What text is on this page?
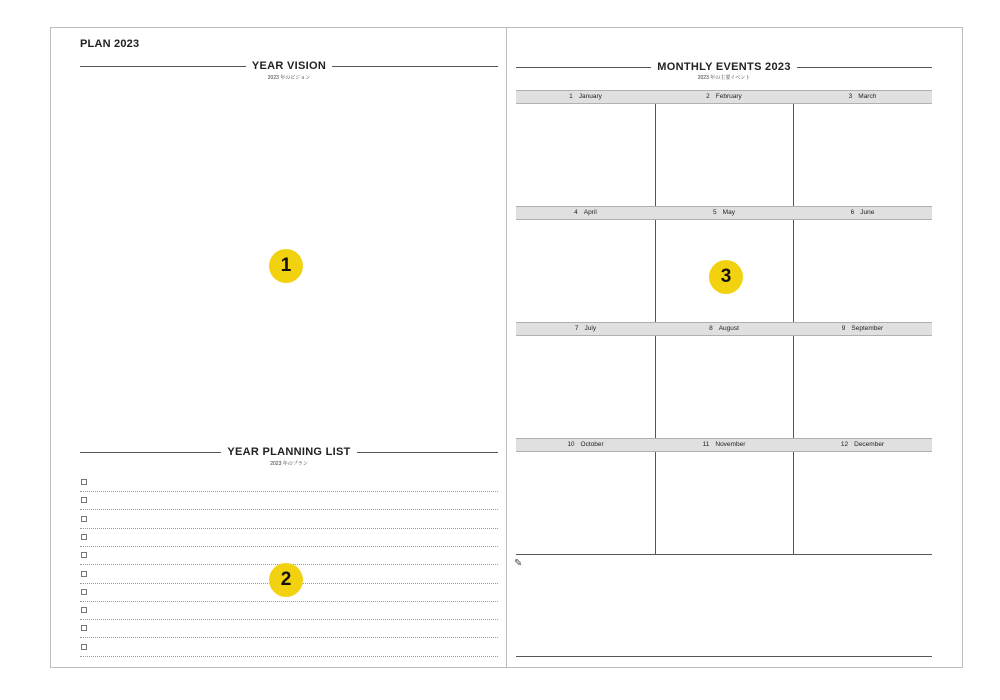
PLAN 2023
YEAR VISION
2023 年のビジョン
1
YEAR PLANNING LIST
2023 年のプラン
2
MONTHLY EVENTS 2023
2023 年の主要イベント
1 January	2 February	3 March
4 April	5 May	6 June
7 July	8 August	9 September
10 October	11 November	12 December
✎
3
